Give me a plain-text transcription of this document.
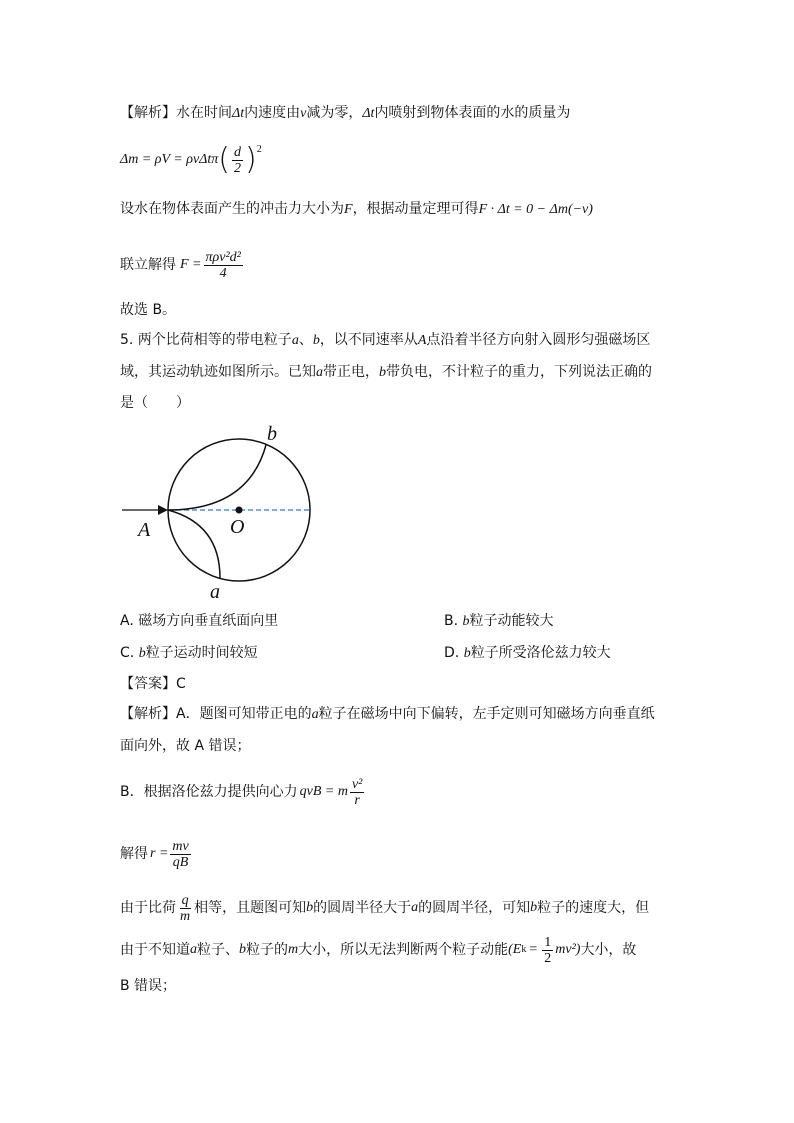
【解析】水在时间Δt内速度由v减为零，Δt内喷射到物体表面的水的质量为
Δm = ρV = ρvΔtπ ( $\frac{d}{2} )^2$
设水在物体表面产生的冲击力大小为F，根据动量定理可得F · Δt = 0 − Δm(−v)
联立解得 $F = \frac{\text{πρv²d²}}{4}$
故选 B。
5. 两个比荷相等的带电粒子a、b，以不同速率从A点沿着半径方向射入圆形匀强磁场区
域，其运动轨迹如图所示。已知a带正电，b带负电，不计粒子的重力，下列说法正确的
是（　　）
A	O
a
b
A. 磁场方向垂直纸面向里	B. b粒子动能较大
C. b粒子运动时间较短	D. b粒子所受洛伦兹力较大
【答案】C
【解析】A．题图可知带正电的a粒子在磁场中向下偏转，左手定则可知磁场方向垂直纸
面向外，故 A 错误；
B．根据洛伦兹力提供向心力 qvB = m $\frac{\text{v²}}{r}$
解得 $r = \frac{mv}{qB}$
由于比荷 $\frac{q}{m}$ 相等，且题图可知 b 的圆周半径大于 a 的圆周半径，可知 b 粒子的速度大，但
由于不知道 a 粒子、 b 粒子的 m 大小，所以无法判断两个粒子动能 (E $k = \frac{1}{2} mv^2$) 大小，故
B 错误；
